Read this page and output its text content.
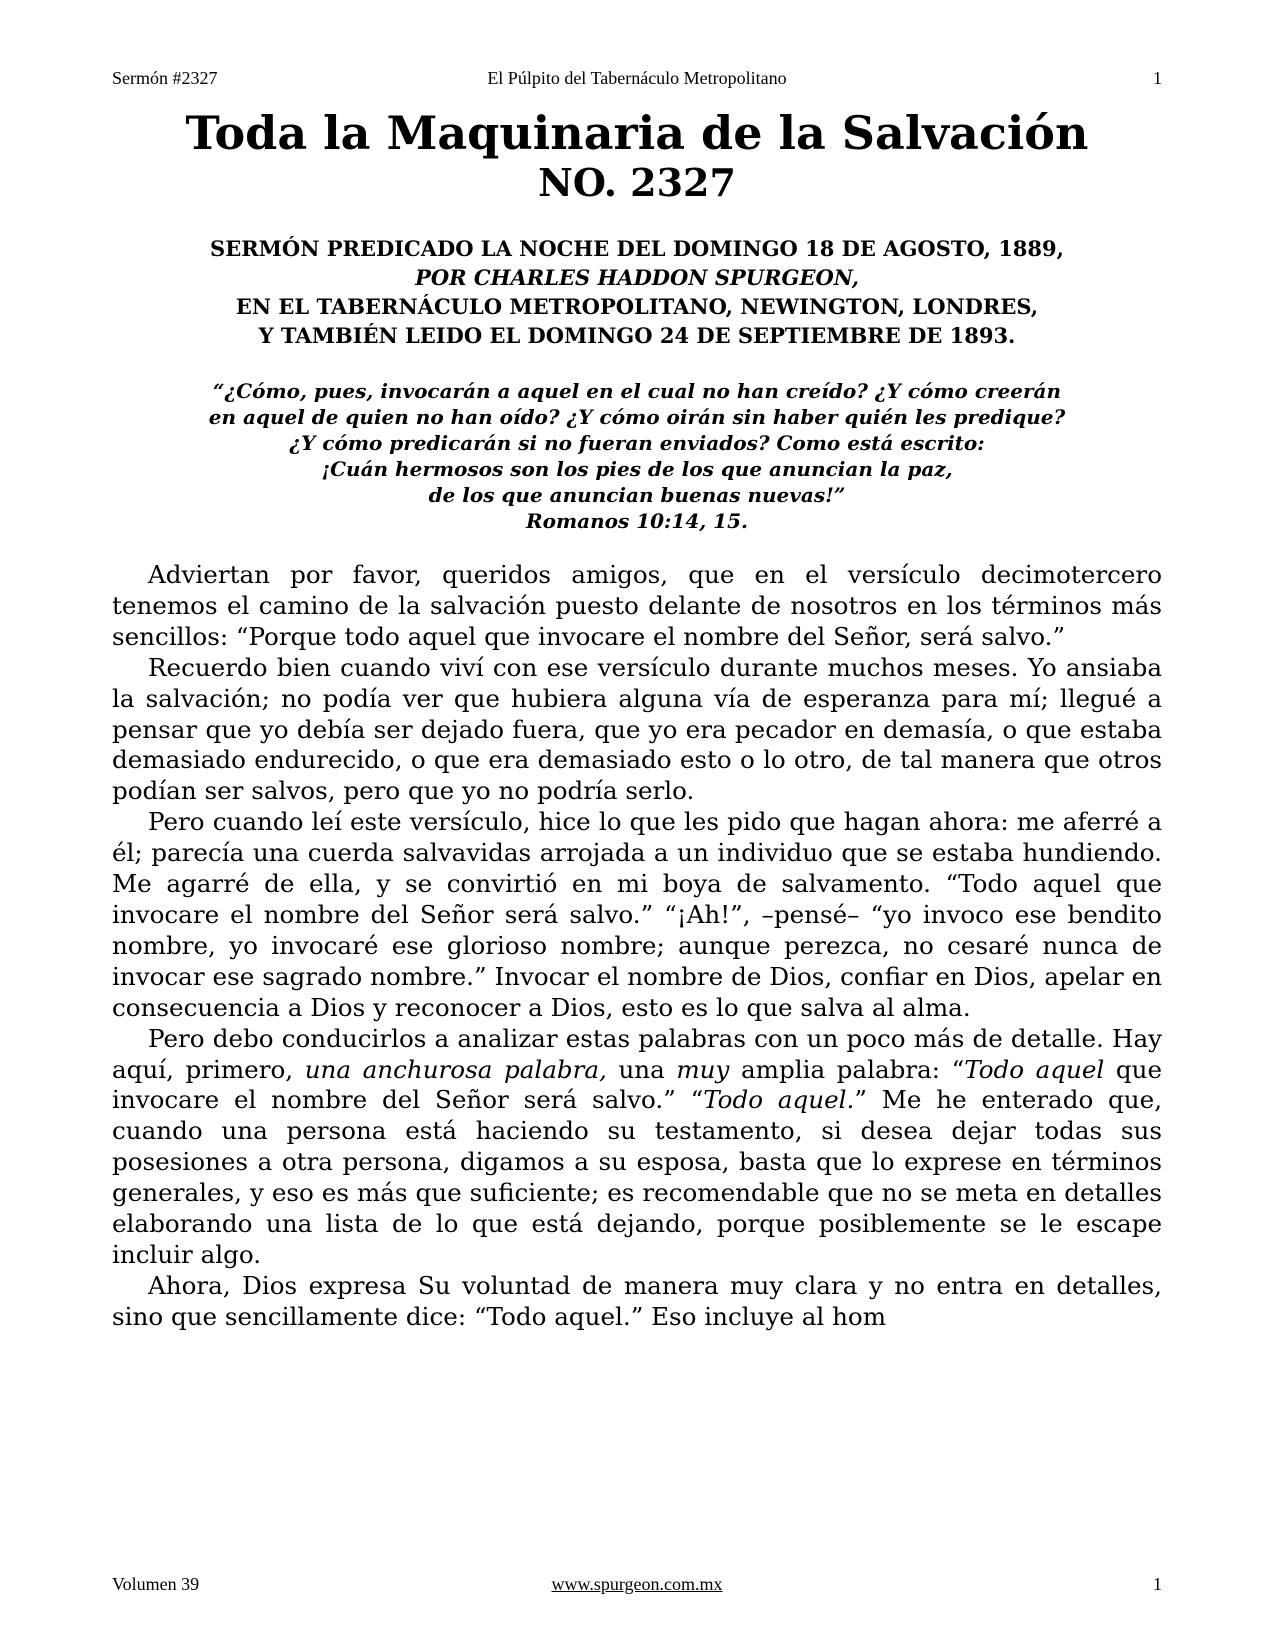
Sermón #2327	El Púlpito del Tabernáculo Metropolitano	1
Toda la Maquinaria de la Salvación
NO. 2327
SERMÓN PREDICADO LA NOCHE DEL DOMINGO 18 DE AGOSTO, 1889,
POR CHARLES HADDON SPURGEON,
EN EL TABERNÁCULO METROPOLITANO, NEWINGTON, LONDRES,
Y TAMBIÉN LEIDO EL DOMINGO 24 DE SEPTIEMBRE DE 1893.
“¿Cómo, pues, invocarán a aquel en el cual no han creído? ¿Y cómo creerán
en aquel de quien no han oído? ¿Y cómo oirán sin haber quién les predique?
¿Y cómo predicarán si no fueran enviados? Como está escrito:
¡Cuán hermosos son los pies de los que anuncian la paz,
de los que anuncian buenas nuevas!”
Romanos 10:14, 15.

Adviertan por favor, queridos amigos, que en el versículo decimotercero tenemos el camino de la salvación puesto delante de nosotros en los términos más sencillos: “Porque todo aquel que invocare el nombre del Señor, será salvo.”

Recuerdo bien cuando viví con ese versículo durante muchos meses. Yo ansiaba la salvación; no podía ver que hubiera alguna vía de esperanza para mí; llegué a pensar que yo debía ser dejado fuera, que yo era pecador en demasía, o que estaba demasiado endurecido, o que era demasiado esto o lo otro, de tal manera que otros podían ser salvos, pero que yo no podría serlo.

Pero cuando leí este versículo, hice lo que les pido que hagan ahora: me aferré a él; parecía una cuerda salvavidas arrojada a un individuo que se estaba hundiendo. Me agarré de ella, y se convirtió en mi boya de salvamento. “Todo aquel que invocare el nombre del Señor será salvo.” “¡Ah!”, –pensé– “yo invoco ese bendito nombre, yo invocaré ese glorioso nombre; aunque perezca, no cesaré nunca de invocar ese sagrado nombre.” Invocar el nombre de Dios, confiar en Dios, apelar en consecuencia a Dios y reconocer a Dios, esto es lo que salva al alma.

Pero debo conducirlos a analizar estas palabras con un poco más de detalle. Hay aquí, primero, una anchurosa palabra, una muy amplia palabra: “Todo aquel que invocare el nombre del Señor será salvo.” “Todo aquel.” Me he enterado que, cuando una persona está haciendo su testamento, si desea dejar todas sus posesiones a otra persona, digamos a su esposa, basta que lo exprese en términos generales, y eso es más que suficiente; es recomendable que no se meta en detalles elaborando una lista de lo que está dejando, porque posiblemente se le escape incluir algo.

Ahora, Dios expresa Su voluntad de manera muy clara y no entra en detalles, sino que sencillamente dice: “Todo aquel.” Eso incluye al hom

Volumen 39	www.spurgeon.com.mx	1
